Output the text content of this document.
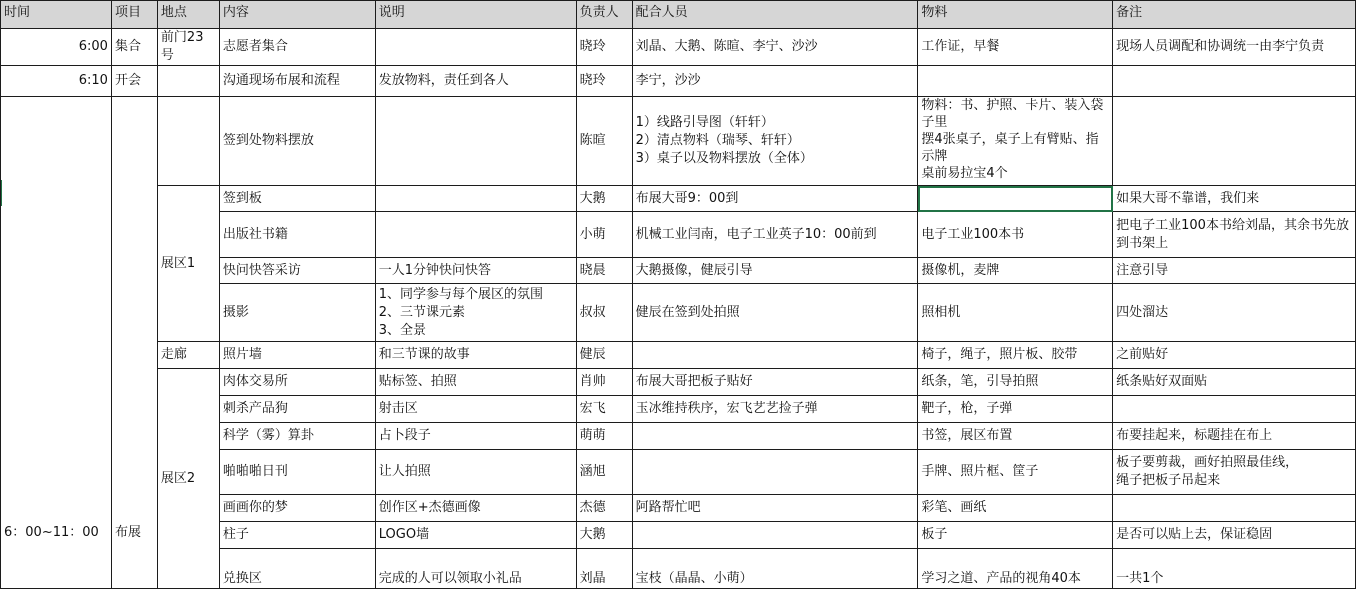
时间	项目	地点	内容	说明	负责人	配合人员	物料	备注
6:00	集合	前门23号	志愿者集合		晓玲	刘晶、大鹅、陈暄、李宁、沙沙	工作证，早餐	现场人员调配和协调统一由李宁负责
6:10	开会		沟通现场布展和流程	发放物料，责任到各人	晓玲	李宁，沙沙		
6：00~11：00	布展		签到处物料摆放		陈暄	1）线路引导图（轩轩）
2）清点物料（瑞琴、轩轩）
3）桌子以及物料摆放（全体）	物料：书、护照、卡片、装入袋子里
摆4张桌子，桌子上有臂贴、指示牌
桌前易拉宝4个	
		展区1	签到板		大鹅	布展大哥9：00到		如果大哥不靠谱，我们来
			出版社书籍		小萌	机械工业闫南，电子工业英子10：00前到	电子工业100本书	把电子工业100本书给刘晶，其余书先放到书架上
			快问快答采访	一人1分钟快问快答	晓晨	大鹅摄像，健辰引导	摄像机，麦牌	注意引导
			摄影	1、同学参与每个展区的氛围
2、三节课元素
3、全景	叔叔	健辰在签到处拍照	照相机	四处溜达
		走廊	照片墙	和三节课的故事	健辰		椅子，绳子，照片板、胶带	之前贴好
		展区2	肉体交易所	贴标签、拍照	肖帅	布展大哥把板子贴好	纸条，笔，引导拍照	纸条贴好双面贴
			刺杀产品狗	射击区	宏飞	玉冰维持秩序，宏飞艺艺捡子弹	靶子，枪，子弹	
			科学（雾）算卦	占卜段子	萌萌		书签，展区布置	布要挂起来，标题挂在布上
			啪啪啪日刊	让人拍照	涵旭		手牌、照片框、筐子	板子要剪裁，画好拍照最佳线，
绳子把板子吊起来
			画画你的梦	创作区+杰德画像	杰德	阿路帮忙吧	彩笔、画纸	
			柱子	LOGO墙	大鹅		板子	是否可以贴上去，保证稳固
			兑换区	完成的人可以领取小礼品	刘晶	宝枝（晶晶、小萌）	学习之道、产品的视角40本	一共1个
